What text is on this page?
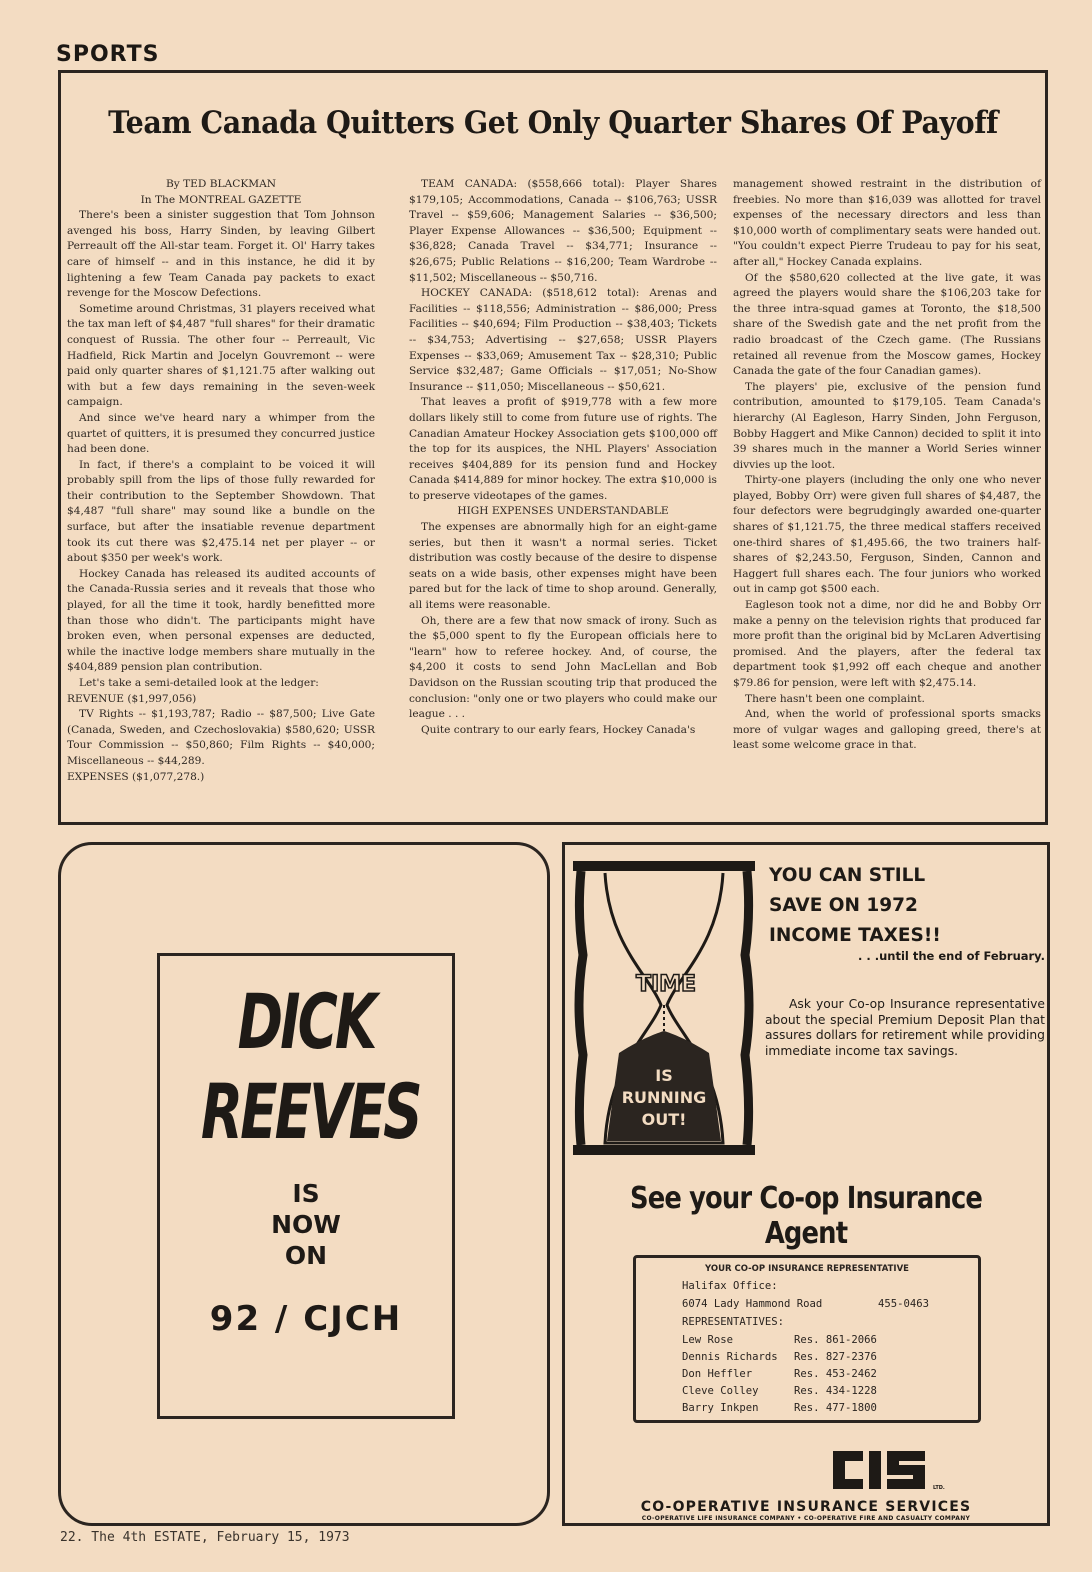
SPORTS
Team Canada Quitters Get Only Quarter Shares Of Payoff

By TED BLACKMAN

In The MONTREAL GAZETTE

There's been a sinister suggestion that Tom Johnson avenged his boss, Harry Sinden, by leaving Gilbert Perreault off the All-star team. Forget it. Ol' Harry takes care of himself -- and in this instance, he did it by lightening a few Team Canada pay packets to exact revenge for the Moscow Defections.

Sometime around Christmas, 31 players received what the tax man left of $4,487 "full shares" for their dramatic conquest of Russia. The other four -- Perreault, Vic Hadfield, Rick Martin and Jocelyn Gouvremont -- were paid only quarter shares of $1,121.75 after walking out with but a few days remaining in the seven-week campaign.

And since we've heard nary a whimper from the quartet of quitters, it is presumed they concurred justice had been done.

In fact, if there's a complaint to be voiced it will probably spill from the lips of those fully rewarded for their contribution to the September Showdown. That $4,487 "full share" may sound like a bundle on the surface, but after the insatiable revenue department took its cut there was $2,475.14 net per player -- or about $350 per week's work.

Hockey Canada has released its audited accounts of the Canada-Russia series and it reveals that those who played, for all the time it took, hardly benefitted more than those who didn't. The participants might have broken even, when personal expenses are deducted, while the inactive lodge members share mutually in the $404,889 pension plan contribution.

Let's take a semi-detailed look at the ledger:

REVENUE ($1,997,056)

TV Rights -- $1,193,787; Radio -- $87,500; Live Gate (Canada, Sweden, and Czechoslovakia) $580,620; USSR Tour Commission -- $50,860; Film Rights -- $40,000; Miscellaneous -- $44,289.

EXPENSES ($1,077,278.)

TEAM CANADA: ($558,666 total): Player Shares $179,105; Accommodations, Canada -- $106,763; USSR Travel -- $59,606; Management Salaries -- $36,500; Player Expense Allowances -- $36,500; Equipment -- $36,828; Canada Travel -- $34,771; Insurance -- $26,675; Public Relations -- $16,200; Team Wardrobe -- $11,502; Miscellaneous -- $50,716.

HOCKEY CANADA: ($518,612 total): Arenas and Facilities -- $118,556; Administration -- $86,000; Press Facilities -- $40,694; Film Production -- $38,403; Tickets -- $34,753; Advertising -- $27,658; USSR Players Expenses -- $33,069; Amusement Tax -- $28,310; Public Service $32,487; Game Officials -- $17,051; No-Show Insurance -- $11,050; Miscellaneous -- $50,621.

That leaves a profit of $919,778 with a few more dollars likely still to come from future use of rights. The Canadian Amateur Hockey Association gets $100,000 off the top for its auspices, the NHL Players' Association receives $404,889 for its pension fund and Hockey Canada $414,889 for minor hockey. The extra $10,000 is to preserve videotapes of the games.

HIGH EXPENSES UNDERSTANDABLE

The expenses are abnormally high for an eight-game series, but then it wasn't a normal series. Ticket distribution was costly because of the desire to dispense seats on a wide basis, other expenses might have been pared but for the lack of time to shop around. Generally, all items were reasonable.

Oh, there are a few that now smack of irony. Such as the $5,000 spent to fly the European officials here to "learn" how to referee hockey. And, of course, the $4,200 it costs to send John MacLellan and Bob Davidson on the Russian scouting trip that produced the conclusion: "only one or two players who could make our league . . .

Quite contrary to our early fears, Hockey Canada's

management showed restraint in the distribution of freebies. No more than $16,039 was allotted for travel expenses of the necessary directors and less than $10,000 worth of complimentary seats were handed out. "You couldn't expect Pierre Trudeau to pay for his seat, after all," Hockey Canada explains.

Of the $580,620 collected at the live gate, it was agreed the players would share the $106,203 take for the three intra-squad games at Toronto, the $18,500 share of the Swedish gate and the net profit from the radio broadcast of the Czech game. (The Russians retained all revenue from the Moscow games, Hockey Canada the gate of the four Canadian games).

The players' pie, exclusive of the pension fund contribution, amounted to $179,105. Team Canada's hierarchy (Al Eagleson, Harry Sinden, John Ferguson, Bobby Haggert and Mike Cannon) decided to split it into 39 shares much in the manner a World Series winner divvies up the loot.

Thirty-one players (including the only one who never played, Bobby Orr) were given full shares of $4,487, the four defectors were begrudgingly awarded one-quarter shares of $1,121.75, the three medical staffers received one-third shares of $1,495.66, the two trainers half-shares of $2,243.50, Ferguson, Sinden, Cannon and Haggert full shares each. The four juniors who worked out in camp got $500 each.

Eagleson took not a dime, nor did he and Bobby Orr make a penny on the television rights that produced far more profit than the original bid by McLaren Advertising promised. And the players, after the federal tax department took $1,992 off each cheque and another $79.86 for pension, were left with $2,475.14.

There hasn't been one complaint.

And, when the world of professional sports smacks more of vulgar wages and galloping greed, there's at least some welcome grace in that.

DICK
REEVES
IS
NOW
ON
92 / CJCH
TIME
IS
RUNNING
OUT!
YOU CAN STILL
SAVE ON 1972
INCOME TAXES!!
. . .until the end of February.
Ask your Co-op Insurance representative about the special Premium Deposit Plan that assures dollars for retirement while providing immediate income tax savings.
See your Co-op Insurance Agent
YOUR CO-OP INSURANCE REPRESENTATIVE
Halifax Office:
6074 Lady Hammond Road	455-0463
REPRESENTATIVES:
Lew Rose	Res. 861-2066
Dennis Richards Res. 827-2376
Don Heffler	Res. 453-2462
Cleve Colley	Res. 434-1228
Barry Inkpen	Res. 477-1800
LTD.
CO-OPERATIVE INSURANCE SERVICES
CO-OPERATIVE LIFE INSURANCE COMPANY • CO-OPERATIVE FIRE AND CASUALTY COMPANY
22. The 4th ESTATE, February 15, 1973
